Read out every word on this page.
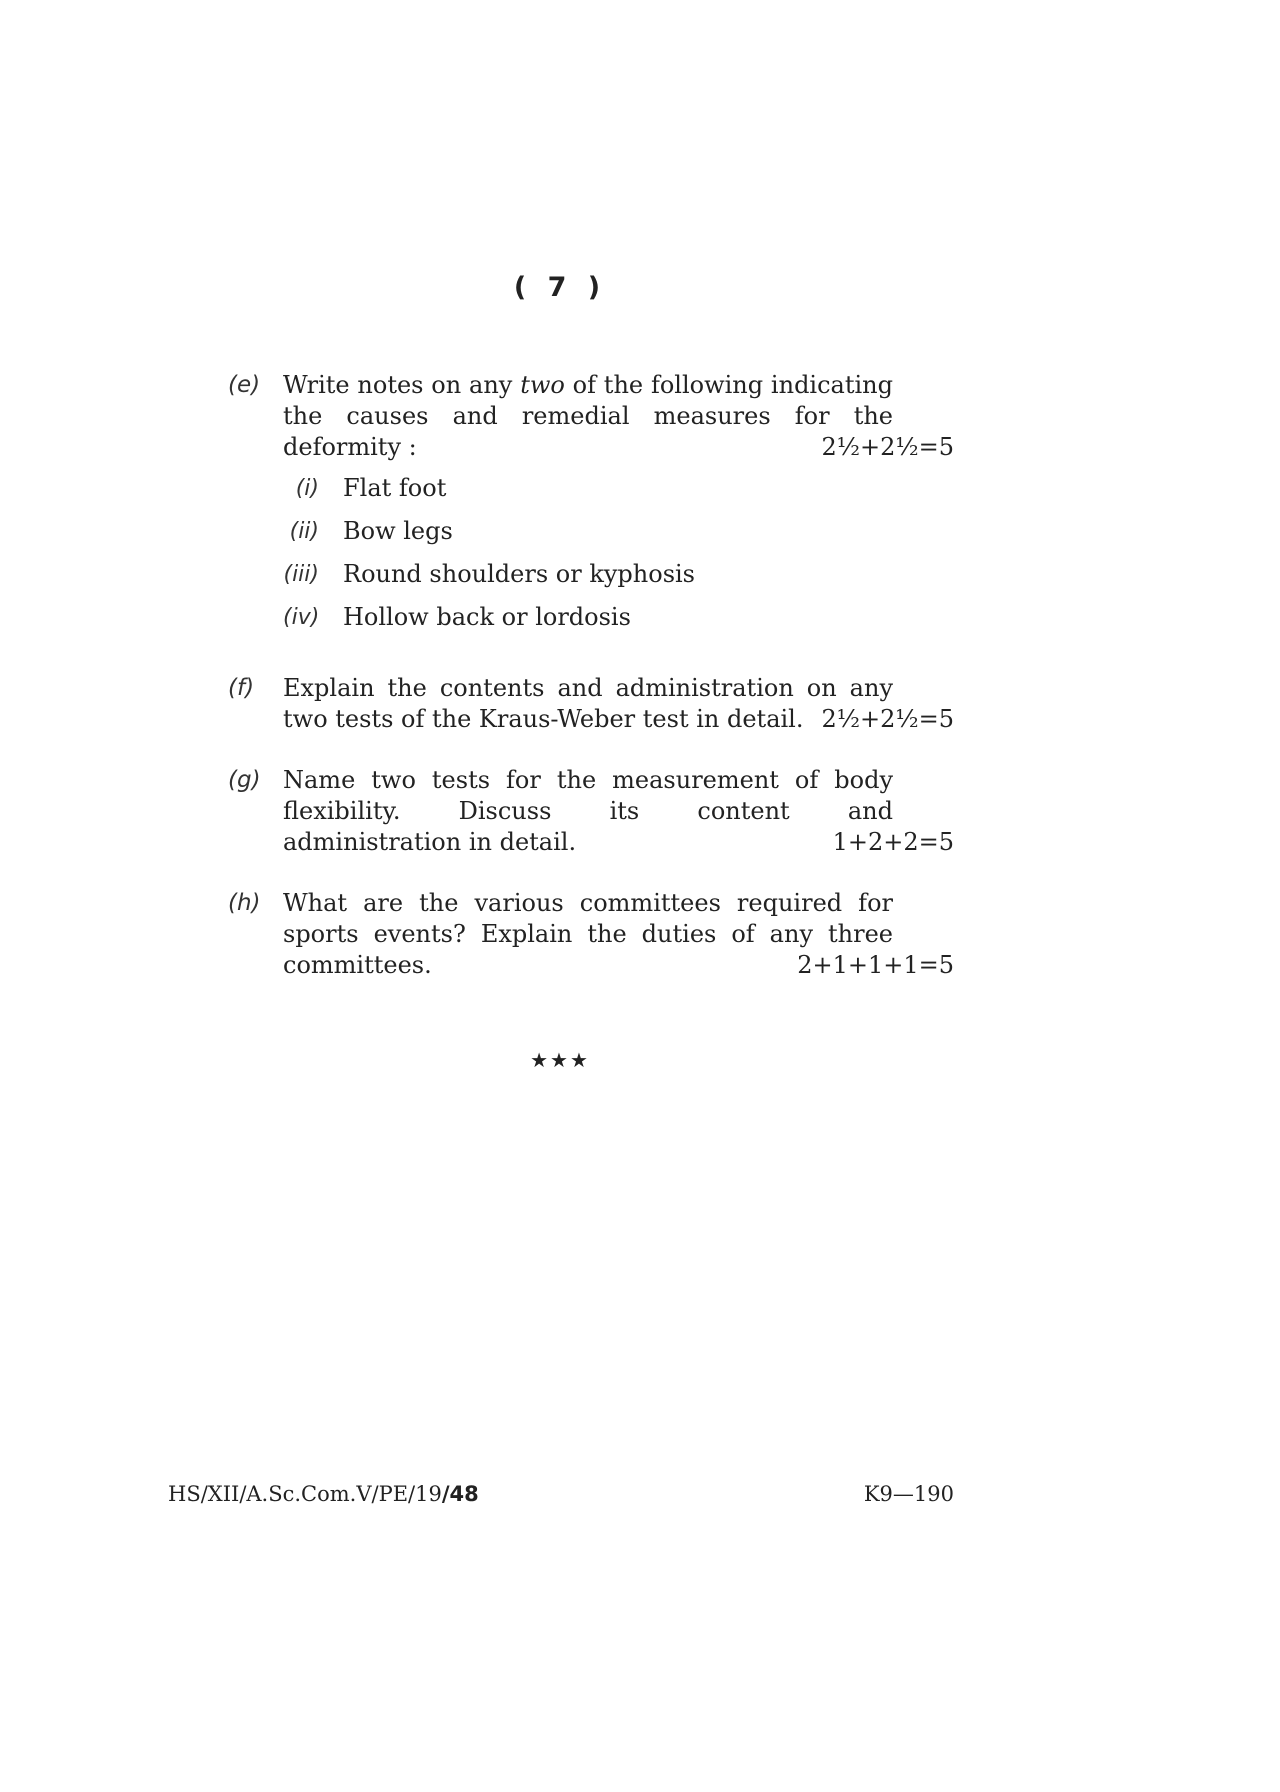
( 7 )
(e) Write notes on any two of the following indicating the causes and remedial measures for the
deformity :	2½+2½=5
(i) Flat foot
(ii) Bow legs
(iii) Round shoulders or kyphosis
(iv) Hollow back or lordosis
(f) Explain the contents and administration on any
two tests of the Kraus-Weber test in detail. 2½+2½=5
(g) Name two tests for the measurement of body flexibility. Discuss its content and
administration in detail.	1+2+2=5
(h) What are the various committees required for sports events? Explain the duties of any three
committees.	2+1+1+1=5
★★★
HS/XII/A.Sc.Com.V/PE/19/48	K9—190
